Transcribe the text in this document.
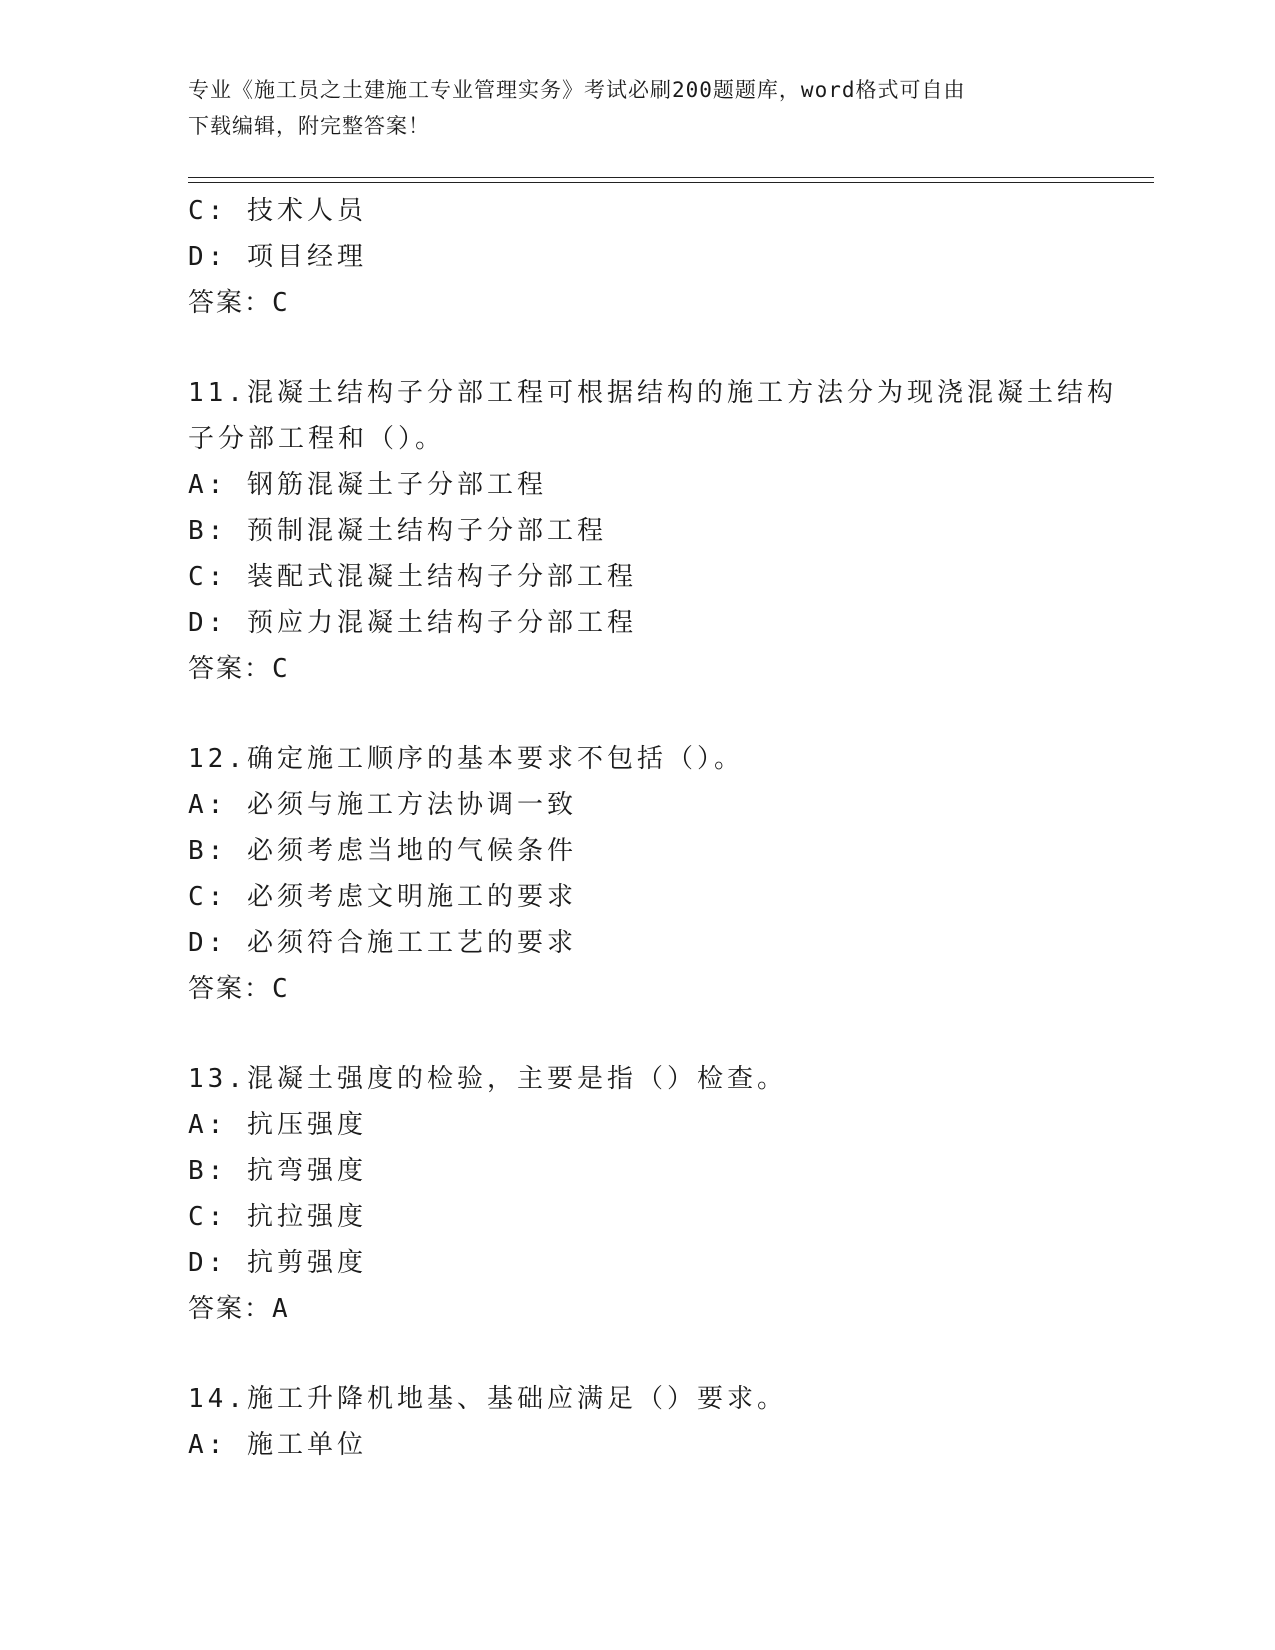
专业《施工员之土建施工专业管理实务》考试必刷200题题库，word格式可自由
下载编辑，附完整答案！
C: 技术人员
D: 项目经理
答案：C
11.混凝土结构子分部工程可根据结构的施工方法分为现浇混凝土结构
子分部工程和（）。
A: 钢筋混凝土子分部工程
B: 预制混凝土结构子分部工程
C: 装配式混凝土结构子分部工程
D: 预应力混凝土结构子分部工程
答案：C
12.确定施工顺序的基本要求不包括（）。
A: 必须与施工方法协调一致
B: 必须考虑当地的气候条件
C: 必须考虑文明施工的要求
D: 必须符合施工工艺的要求
答案：C
13.混凝土强度的检验，主要是指（）检查。
A: 抗压强度
B: 抗弯强度
C: 抗拉强度
D: 抗剪强度
答案：A
14.施工升降机地基、基础应满足（）要求。
A: 施工单位
